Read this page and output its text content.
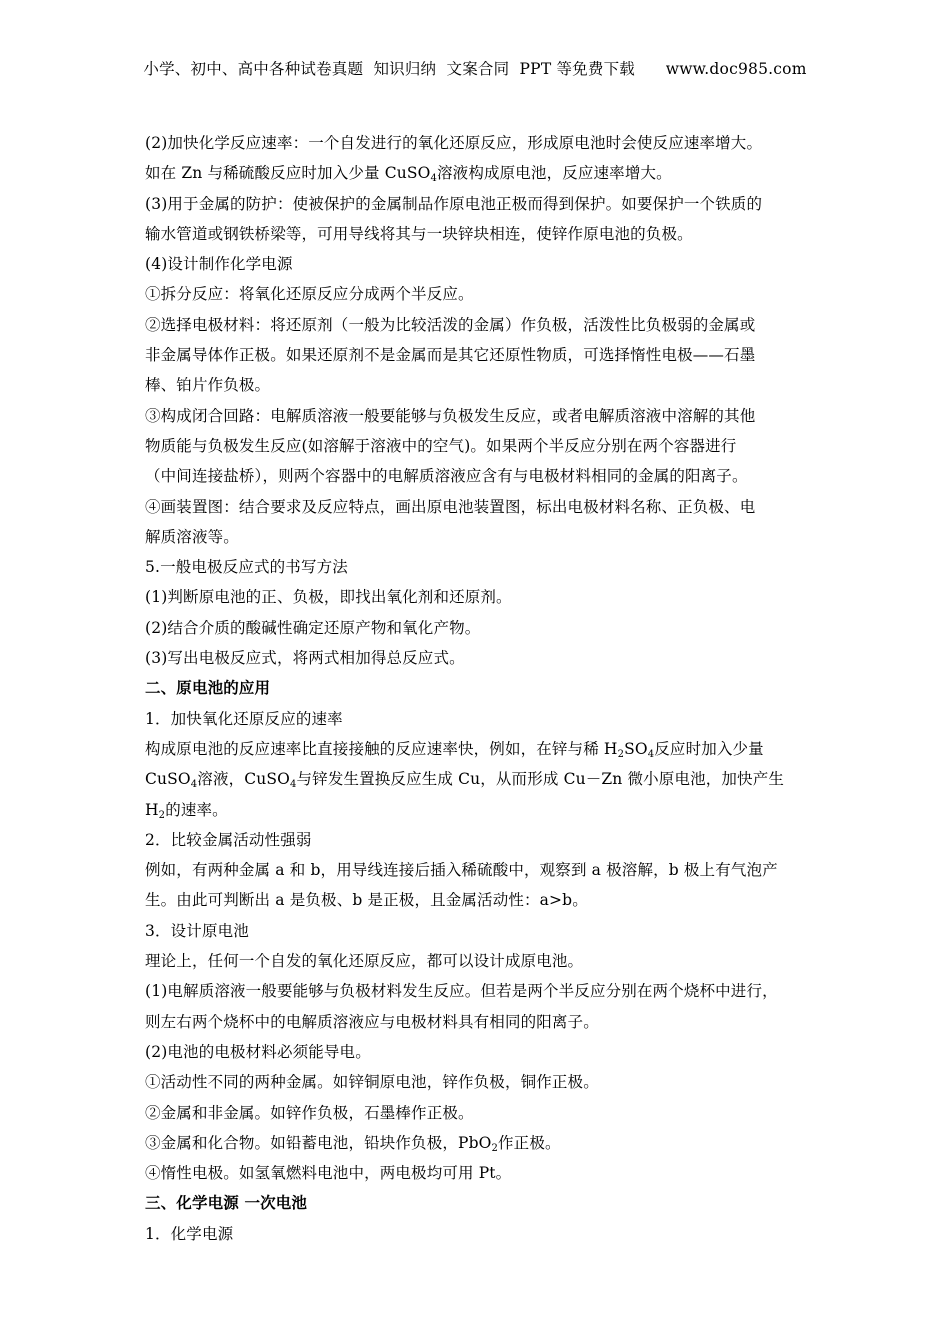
小学、初中、高中各种试卷真题  知识归纳  文案合同  PPT 等免费下载      www.doc985.com
(2)加快化学反应速率：一个自发进行的氧化还原反应，形成原电池时会使反应速率增大。
如在 Zn 与稀硫酸反应时加入少量 CuSO$_4$溶液构成原电池，反应速率增大。
(3)用于金属的防护：使被保护的金属制品作原电池正极而得到保护。如要保护一个铁质的
输水管道或钢铁桥梁等，可用导线将其与一块锌块相连，使锌作原电池的负极。
(4)设计制作化学电源
①拆分反应：将氧化还原反应分成两个半反应。
②选择电极材料：将还原剂（一般为比较活泼的金属）作负极，活泼性比负极弱的金属或
非金属导体作正极。如果还原剂不是金属而是其它还原性物质，可选择惰性电极——石墨
棒、铂片作负极。
③构成闭合回路：电解质溶液一般要能够与负极发生反应，或者电解质溶液中溶解的其他
物质能与负极发生反应(如溶解于溶液中的空气)。如果两个半反应分别在两个容器进行
（中间连接盐桥），则两个容器中的电解质溶液应含有与电极材料相同的金属的阳离子。
④画装置图：结合要求及反应特点，画出原电池装置图，标出电极材料名称、正负极、电
解质溶液等。
5.一般电极反应式的书写方法
(1)判断原电池的正、负极，即找出氧化剂和还原剂。
(2)结合介质的酸碱性确定还原产物和氧化产物。
(3)写出电极反应式，将两式相加得总反应式。
二、原电池的应用
1．加快氧化还原反应的速率
构成原电池的反应速率比直接接触的反应速率快，例如，在锌与稀 $H_2SO_4$反应时加入少量
CuSO$_4$溶液，CuSO$_4$与锌发生置换反应生成 Cu，从而形成 Cu－Zn 微小原电池，加快产生
$H_2$的速率。
2．比较金属活动性强弱
例如，有两种金属 a 和 b，用导线连接后插入稀硫酸中，观察到 a 极溶解，b 极上有气泡产
生。由此可判断出 a 是负极、b 是正极，且金属活动性：a>b。
3．设计原电池
理论上，任何一个自发的氧化还原反应，都可以设计成原电池。
(1)电解质溶液一般要能够与负极材料发生反应。但若是两个半反应分别在两个烧杯中进行，
则左右两个烧杯中的电解质溶液应与电极材料具有相同的阳离子。
(2)电池的电极材料必须能导电。
①活动性不同的两种金属。如锌铜原电池，锌作负极，铜作正极。
②金属和非金属。如锌作负极，石墨棒作正极。
③金属和化合物。如铅蓄电池，铅块作负极，PbO$_2$作正极。
④惰性电极。如氢氧燃料电池中，两电极均可用 Pt。
三、化学电源 一次电池
1．化学电源
